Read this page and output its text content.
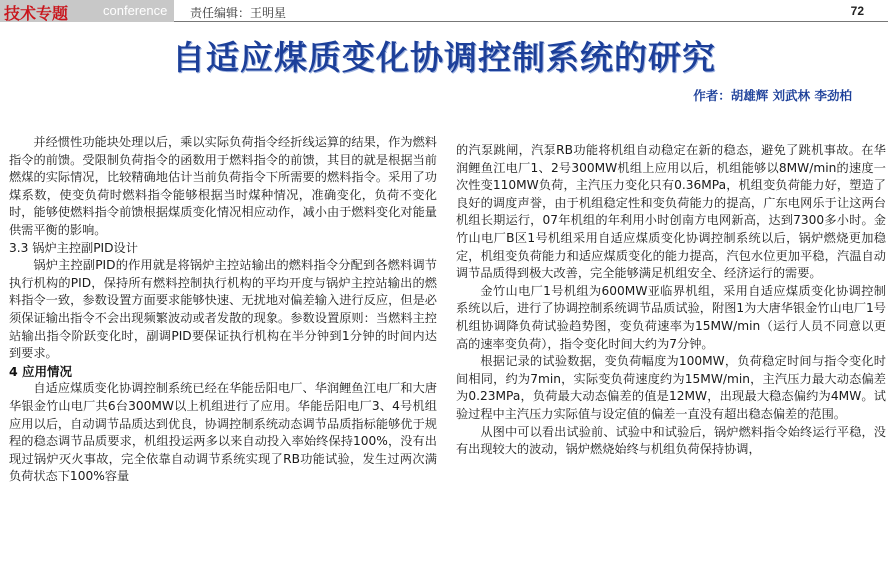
技术专题	conference 责任编辑：王明星	72
自适应煤质变化协调控制系统的研究
作者：胡雄辉 刘武林 李劲柏

并经惯性功能块处理以后，乘以实际负荷指令经折线运算的结果，作为燃料指令的前馈。受限制负荷指令的函数用于燃料指令的前馈，其目的就是根据当前燃煤的实际情况，比较精确地估计当前负荷指令下所需要的燃料指令。采用了功煤系数，使变负荷时燃料指令能够根据当时煤种情况，准确变化，负荷不变化时，能够使燃料指令前馈根据煤质变化情况相应动作，减小由于燃料变化对能量供需平衡的影响。

3.3 锅炉主控副PID设计

锅炉主控副PID的作用就是将锅炉主控站输出的燃料指令分配到各燃料调节执行机构的PID，保持所有燃料控制执行机构的平均开度与锅炉主控站输出的燃料指令一致，参数设置方面要求能够快速、无扰地对偏差输入进行反应，但是必须保证输出指令不会出现频繁波动或者发散的现象。参数设置原则：当燃料主控站输出指令阶跃变化时，副调PID要保证执行机构在半分钟到1分钟的时间内达到要求。

4 应用情况

自适应煤质变化协调控制系统已经在华能岳阳电厂、华润鲤鱼江电厂和大唐华银金竹山电厂共6台300MW以上机组进行了应用。华能岳阳电厂3、4号机组应用以后，自动调节品质达到优良，协调控制系统动态调节品质指标能够优于规程的稳态调节品质要求，机组投运两多以来自动投入率始终保持100%，没有出现过锅炉灭火事故，完全依靠自动调节系统实现了RB功能试验，发生过两次满负荷状态下100%容量

的汽泵跳闸，汽泵RB功能将机组自动稳定在新的稳态，避免了跳机事故。在华润鲤鱼江电厂1、2号300MW机组上应用以后，机组能够以8MW/min的速度一次性变110MW负荷，主汽压力变化只有0.36MPa，机组变负荷能力好，塑造了良好的调度声誉，由于机组稳定性和变负荷能力的提高，广东电网乐于让这两台机组长期运行，07年机组的年利用小时创南方电网新高，达到7300多小时。金竹山电厂B区1号机组采用自适应煤质变化协调控制系统以后，锅炉燃烧更加稳定，机组变负荷能力和适应煤质变化的能力提高，汽包水位更加平稳，汽温自动调节品质得到极大改善，完全能够满足机组安全、经济运行的需要。

金竹山电厂1号机组为600MW亚临界机组，采用自适应煤质变化协调控制系统以后，进行了协调控制系统调节品质试验，附图1为大唐华银金竹山电厂1号机组协调降负荷试验趋势图，变负荷速率为15MW/min（运行人员不同意以更高的速率变负荷），指令变化时间大约为7分钟。

根据记录的试验数据，变负荷幅度为100MW，负荷稳定时间与指令变化时间相同，约为7min，实际变负荷速度约为15MW/min，主汽压力最大动态偏差为0.23MPa，负荷最大动态偏差的值是12MW，出现最大稳态偏约为4MW。试验过程中主汽压力实际值与设定值的偏差一直没有超出稳态偏差的范围。

从图中可以看出试验前、试验中和试验后，锅炉燃料指令始终运行平稳，没有出现较大的波动，锅炉燃烧始终与机组负荷保持协调，
